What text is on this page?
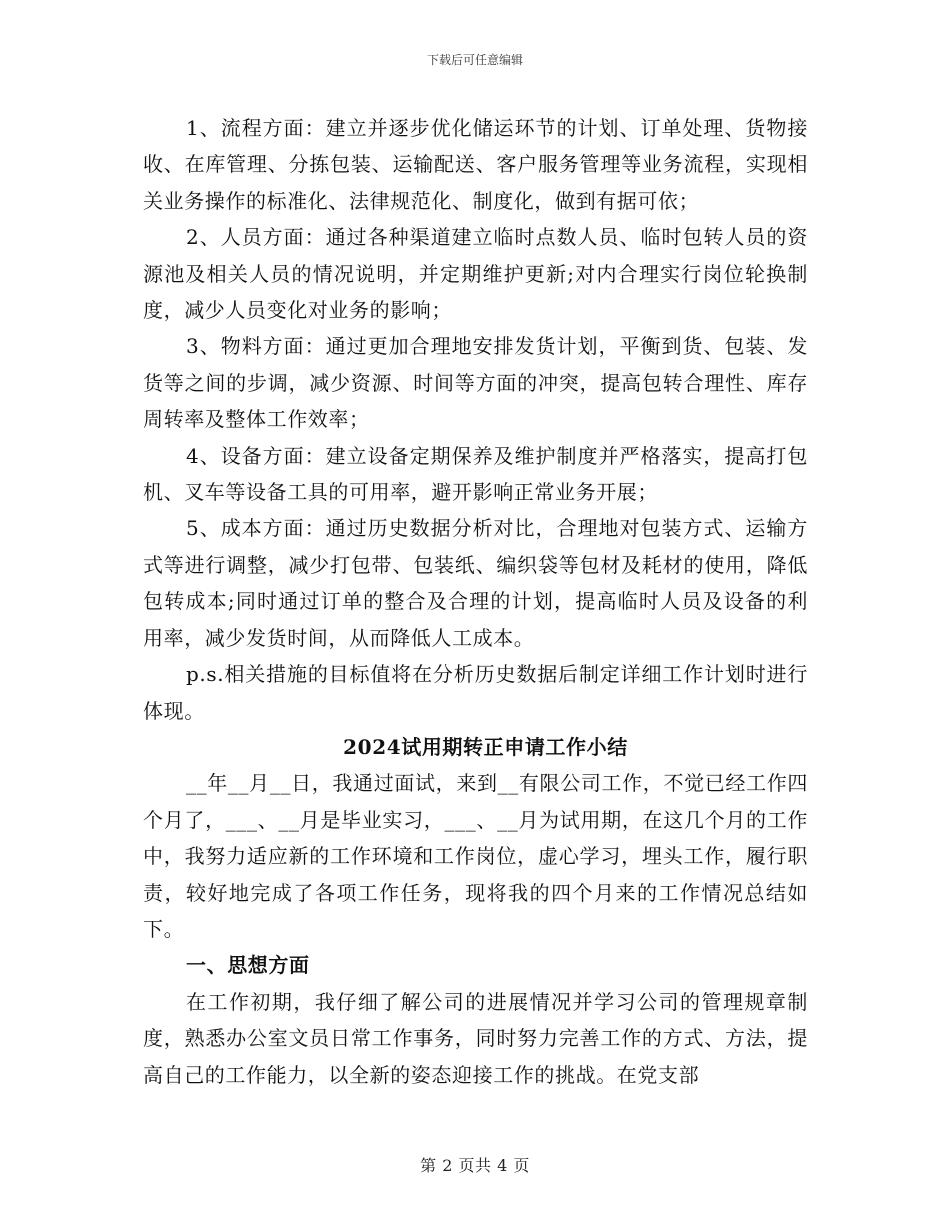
下载后可任意编辑

1、流程方面：建立并逐步优化储运环节的计划、订单处理、货物接收、在库管理、分拣包装、运输配送、客户服务管理等业务流程，实现相关业务操作的标准化、法律规范化、制度化，做到有据可依；

2、人员方面：通过各种渠道建立临时点数人员、临时包转人员的资源池及相关人员的情况说明，并定期维护更新;对内合理实行岗位轮换制度，减少人员变化对业务的影响；

3、物料方面：通过更加合理地安排发货计划，平衡到货、包装、发货等之间的步调，减少资源、时间等方面的冲突，提高包转合理性、库存周转率及整体工作效率；

4、设备方面：建立设备定期保养及维护制度并严格落实，提高打包机、叉车等设备工具的可用率，避开影响正常业务开展；

5、成本方面：通过历史数据分析对比，合理地对包装方式、运输方式等进行调整，减少打包带、包装纸、编织袋等包材及耗材的使用，降低包转成本;同时通过订单的整合及合理的计划，提高临时人员及设备的利用率，减少发货时间，从而降低人工成本。

p.s.相关措施的目标值将在分析历史数据后制定详细工作计划时进行体现。

2024试用期转正申请工作小结

__年__月__日，我通过面试，来到__有限公司工作，不觉已经工作四个月了，___、__月是毕业实习，___、__月为试用期，在这几个月的工作中，我努力适应新的工作环境和工作岗位，虚心学习，埋头工作，履行职责，较好地完成了各项工作任务，现将我的四个月来的工作情况总结如下。

一、思想方面

在工作初期，我仔细了解公司的进展情况并学习公司的管理规章制度，熟悉办公室文员日常工作事务，同时努力完善工作的方式、方法，提高自己的工作能力，以全新的姿态迎接工作的挑战。在党支部

第 2 页共 4 页
